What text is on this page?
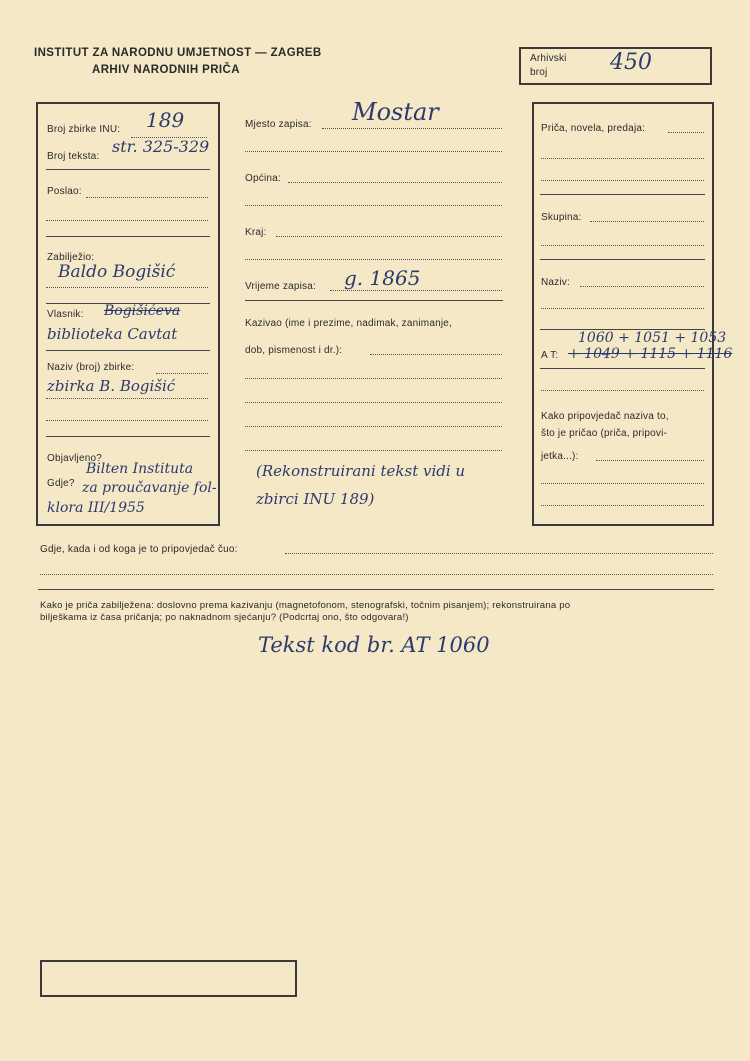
INSTITUT ZA NARODNU UMJETNOST — ZAGREB
ARHIV NARODNIH PRIČA
Arhivski
broj	450
Broj zbirke INU: 189
Broj teksta:
str. 325-329
Poslao:
Zabilježio:
Baldo Bogišić
Vlasnik: Bogišićeva
biblioteka Cavtat
Naziv (broj) zbirke:
zbirka B. Bogišić
Objavljeno?
Bilten Instituta
Gdje? za proučavanje fol-
klora III/1955
Mjesto zapisa: Mostar
Općina:
Kraj:
Vrijeme zapisa: g. 1865
Kazivao (ime i prezime, nadimak, zanimanje,
dob, pismenost i dr.):
(Rekonstruirani tekst vidi u
zbirci INU 189)
Priča, novela, predaja:
Skupina:
Naziv:
1060 + 1051 + 1053
A T: + 1049 + 1115 + 1116
Kako pripovjedač naziva to,
što je pričao (priča, pripovi-
jetka...):
Gdje, kada i od koga je to pripovjedač čuo:
Kako je priča zabilježena: doslovno prema kazivanju (magnetofonom, stenografski, točnim pisanjem); rekonstruirana po
bilješkama iz časa pričanja; po naknadnom sjećanju? (Podcrtaj ono, što odgovara!)
Tekst kod br. AT 1060
